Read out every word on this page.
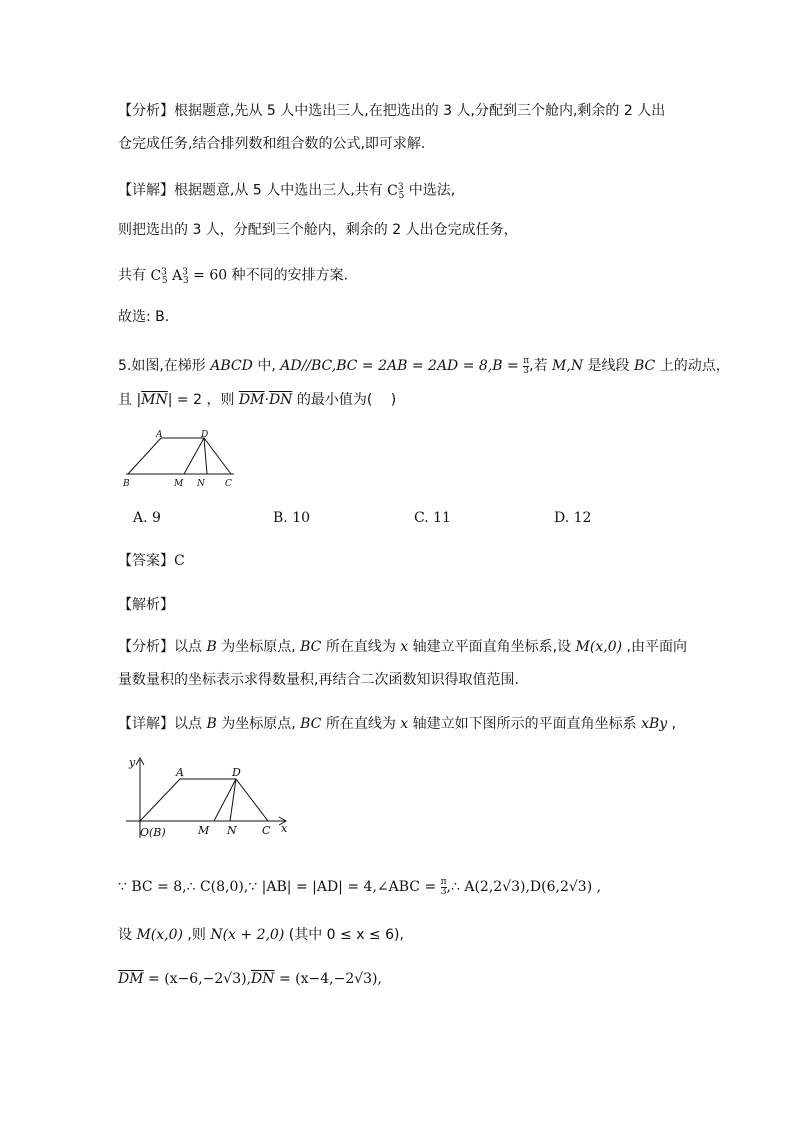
【分析】根据题意,先从 5 人中选出三人,在把选出的 3 人,分配到三个舱内,剩余的 2 人出
仓完成任务,结合排列数和组合数的公式,即可求解.
【详解】根据题意,从 5 人中选出三人,共有 $C^3_5$ 中选法,
则把选出的 3 人，分配到三个舱内，剩余的 2 人出仓完成任务，
共有 $C^3_5$ $A^3_3 = 60$ 种不同的安排方案.
故选: B.
5.如图,在梯形 ABCD 中, $AD//BC,BC = 2AB = 2AD = 8,B = \frac{\pi}{3}$ ,若 M,N 是线段 BC 上的动点，
且 $|\overline{MN}| = 2$ ，则 $\overline{DM}\cdot\overline{DN}$ 的最小值为(　 )
A	D
B	M N C
A. 9	B. 10	C. 11	D. 12
【答案】C
【解析】
【分析】以点 B 为坐标原点, BC 所在直线为 x 轴建立平面直角坐标系,设 M(x,0) ,由平面向
量数量积的坐标表示求得数量积,再结合二次函数知识得取值范围.
【详解】以点 B 为坐标原点, BC 所在直线为 x 轴建立如下图所示的平面直角坐标系 xBy ,
y
A	D
O(B)	M N C x
∵ BC = 8,∴ C(8,0),∵ |AB| = |AD| = 4,∠ABC = $\frac{\pi}{3}$ ,∴ A(2,2√3),D(6,2√3) ,
设 M(x,0) ,则 N(x + 2,0) (其中 0 ≤ x ≤ 6),
$\overline{DM} = (x-6,-2√3),\overline{DN} = (x-4,-2√3)$,
